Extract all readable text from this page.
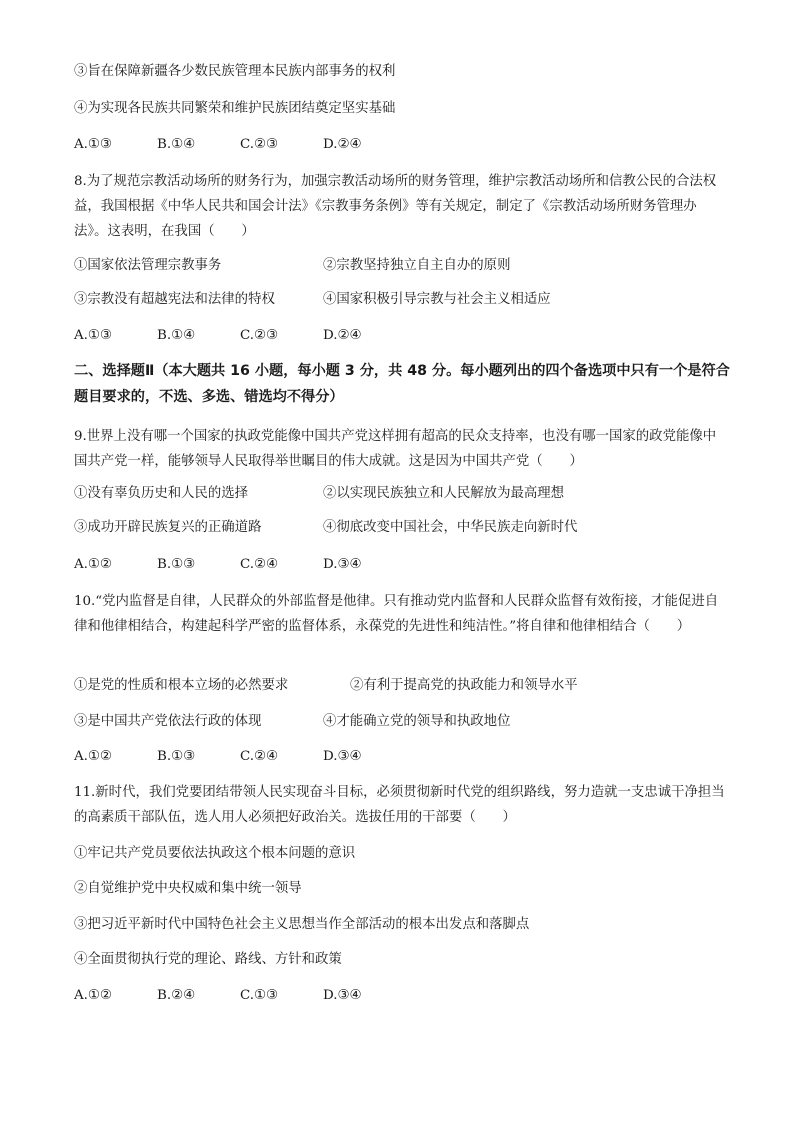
③旨在保障新疆各少数民族管理本民族内部事务的权利
④为实现各民族共同繁荣和维护民族团结奠定坚实基础
A.①③	B.①④	C.②③	D.②④
8.为了规范宗教活动场所的财务行为，加强宗教活动场所的财务管理，维护宗教活动场所和信教公民的合法权益，我国根据《中华人民共和国会计法》《宗教事务条例》等有关规定，制定了《宗教活动场所财务管理办法》。这表明，在我国（　　）
①国家依法管理宗教事务	②宗教坚持独立自主自办的原则
③宗教没有超越宪法和法律的特权	④国家积极引导宗教与社会主义相适应
A.①③	B.①④	C.②③	D.②④
二、选择题Ⅱ（本大题共 16 小题，每小题 3 分，共 48 分。每小题列出的四个备选项中只有一个是符合题目要求的，不选、多选、错选均不得分）
9.世界上没有哪一个国家的执政党能像中国共产党这样拥有超高的民众支持率，也没有哪一国家的政党能像中国共产党一样，能够领导人民取得举世瞩目的伟大成就。这是因为中国共产党（　　）
①没有辜负历史和人民的选择	②以实现民族独立和人民解放为最高理想
③成功开辟民族复兴的正确道路	④彻底改变中国社会，中华民族走向新时代
A.①②	B.①③	C.②④	D.③④
10.“党内监督是自律，人民群众的外部监督是他律。只有推动党内监督和人民群众监督有效衔接，才能促进自律和他律相结合，构建起科学严密的监督体系，永葆党的先进性和纯洁性。”将自律和他律相结合（　　）
①是党的性质和根本立场的必然要求	②有利于提高党的执政能力和领导水平
③是中国共产党依法行政的体现	④才能确立党的领导和执政地位
A.①②	B.①③	C.②④	D.③④
11.新时代，我们党要团结带领人民实现奋斗目标，必须贯彻新时代党的组织路线，努力造就一支忠诚干净担当的高素质干部队伍，选人用人必须把好政治关。选拔任用的干部要（　　）
①牢记共产党员要依法执政这个根本问题的意识
②自觉维护党中央权威和集中统一领导
③把习近平新时代中国特色社会主义思想当作全部活动的根本出发点和落脚点
④全面贯彻执行党的理论、路线、方针和政策
A.①②	B.②④	C.①③	D.③④
